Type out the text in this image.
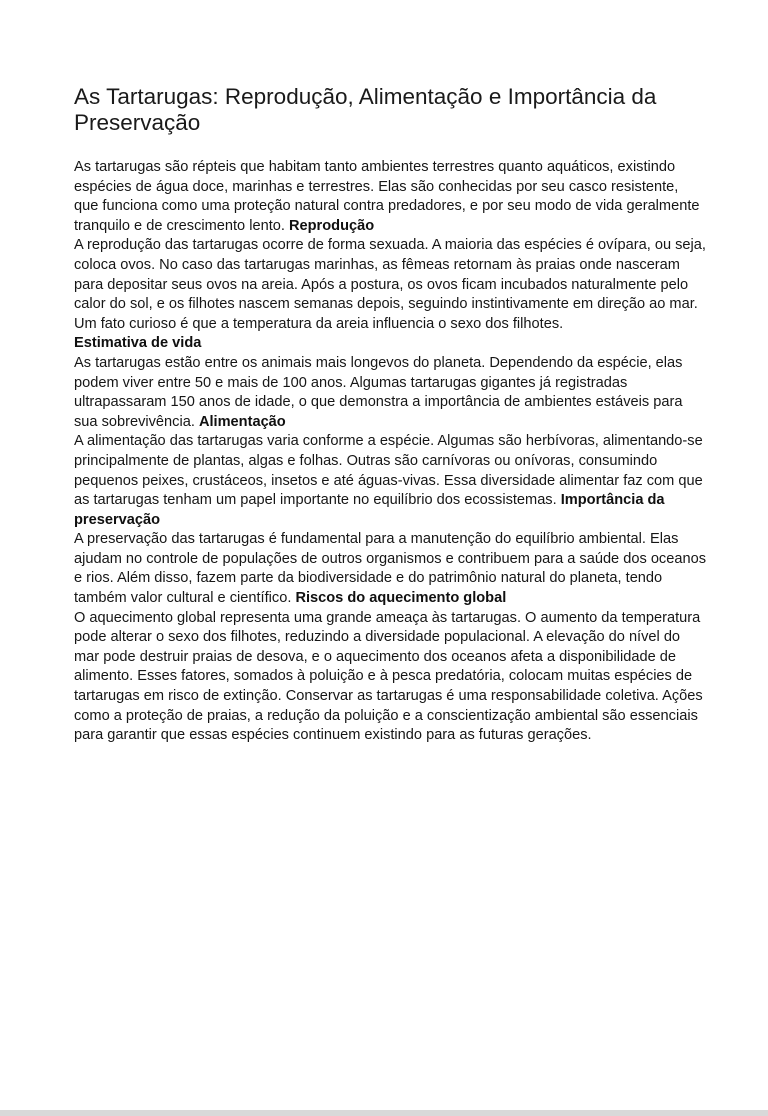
As Tartarugas: Reprodução, Alimentação e Importância da Preservação

As tartarugas são répteis que habitam tanto ambientes terrestres quanto aquáticos, existindo espécies de água doce, marinhas e terrestres. Elas são conhecidas por seu casco resistente, que funciona como uma proteção natural contra predadores, e por seu modo de vida geralmente tranquilo e de crescimento lento. Reprodução

A reprodução das tartarugas ocorre de forma sexuada. A maioria das espécies é ovípara, ou seja, coloca ovos. No caso das tartarugas marinhas, as fêmeas retornam às praias onde nasceram para depositar seus ovos na areia. Após a postura, os ovos ficam incubados naturalmente pelo calor do sol, e os filhotes nascem semanas depois, seguindo instintivamente em direção ao mar. Um fato curioso é que a temperatura da areia influencia o sexo dos filhotes.

Estimativa de vida

As tartarugas estão entre os animais mais longevos do planeta. Dependendo da espécie, elas podem viver entre 50 e mais de 100 anos. Algumas tartarugas gigantes já registradas ultrapassaram 150 anos de idade, o que demonstra a importância de ambientes estáveis para sua sobrevivência. Alimentação

A alimentação das tartarugas varia conforme a espécie. Algumas são herbívoras, alimentando-se principalmente de plantas, algas e folhas. Outras são carnívoras ou onívoras, consumindo pequenos peixes, crustáceos, insetos e até águas-vivas. Essa diversidade alimentar faz com que as tartarugas tenham um papel importante no equilíbrio dos ecossistemas. Importância da preservação

A preservação das tartarugas é fundamental para a manutenção do equilíbrio ambiental. Elas ajudam no controle de populações de outros organismos e contribuem para a saúde dos oceanos e rios. Além disso, fazem parte da biodiversidade e do patrimônio natural do planeta, tendo também valor cultural e científico. Riscos do aquecimento global

O aquecimento global representa uma grande ameaça às tartarugas. O aumento da temperatura pode alterar o sexo dos filhotes, reduzindo a diversidade populacional. A elevação do nível do mar pode destruir praias de desova, e o aquecimento dos oceanos afeta a disponibilidade de alimento. Esses fatores, somados à poluição e à pesca predatória, colocam muitas espécies de tartarugas em risco de extinção. Conservar as tartarugas é uma responsabilidade coletiva. Ações como a proteção de praias, a redução da poluição e a conscientização ambiental são essenciais para garantir que essas espécies continuem existindo para as futuras gerações.
